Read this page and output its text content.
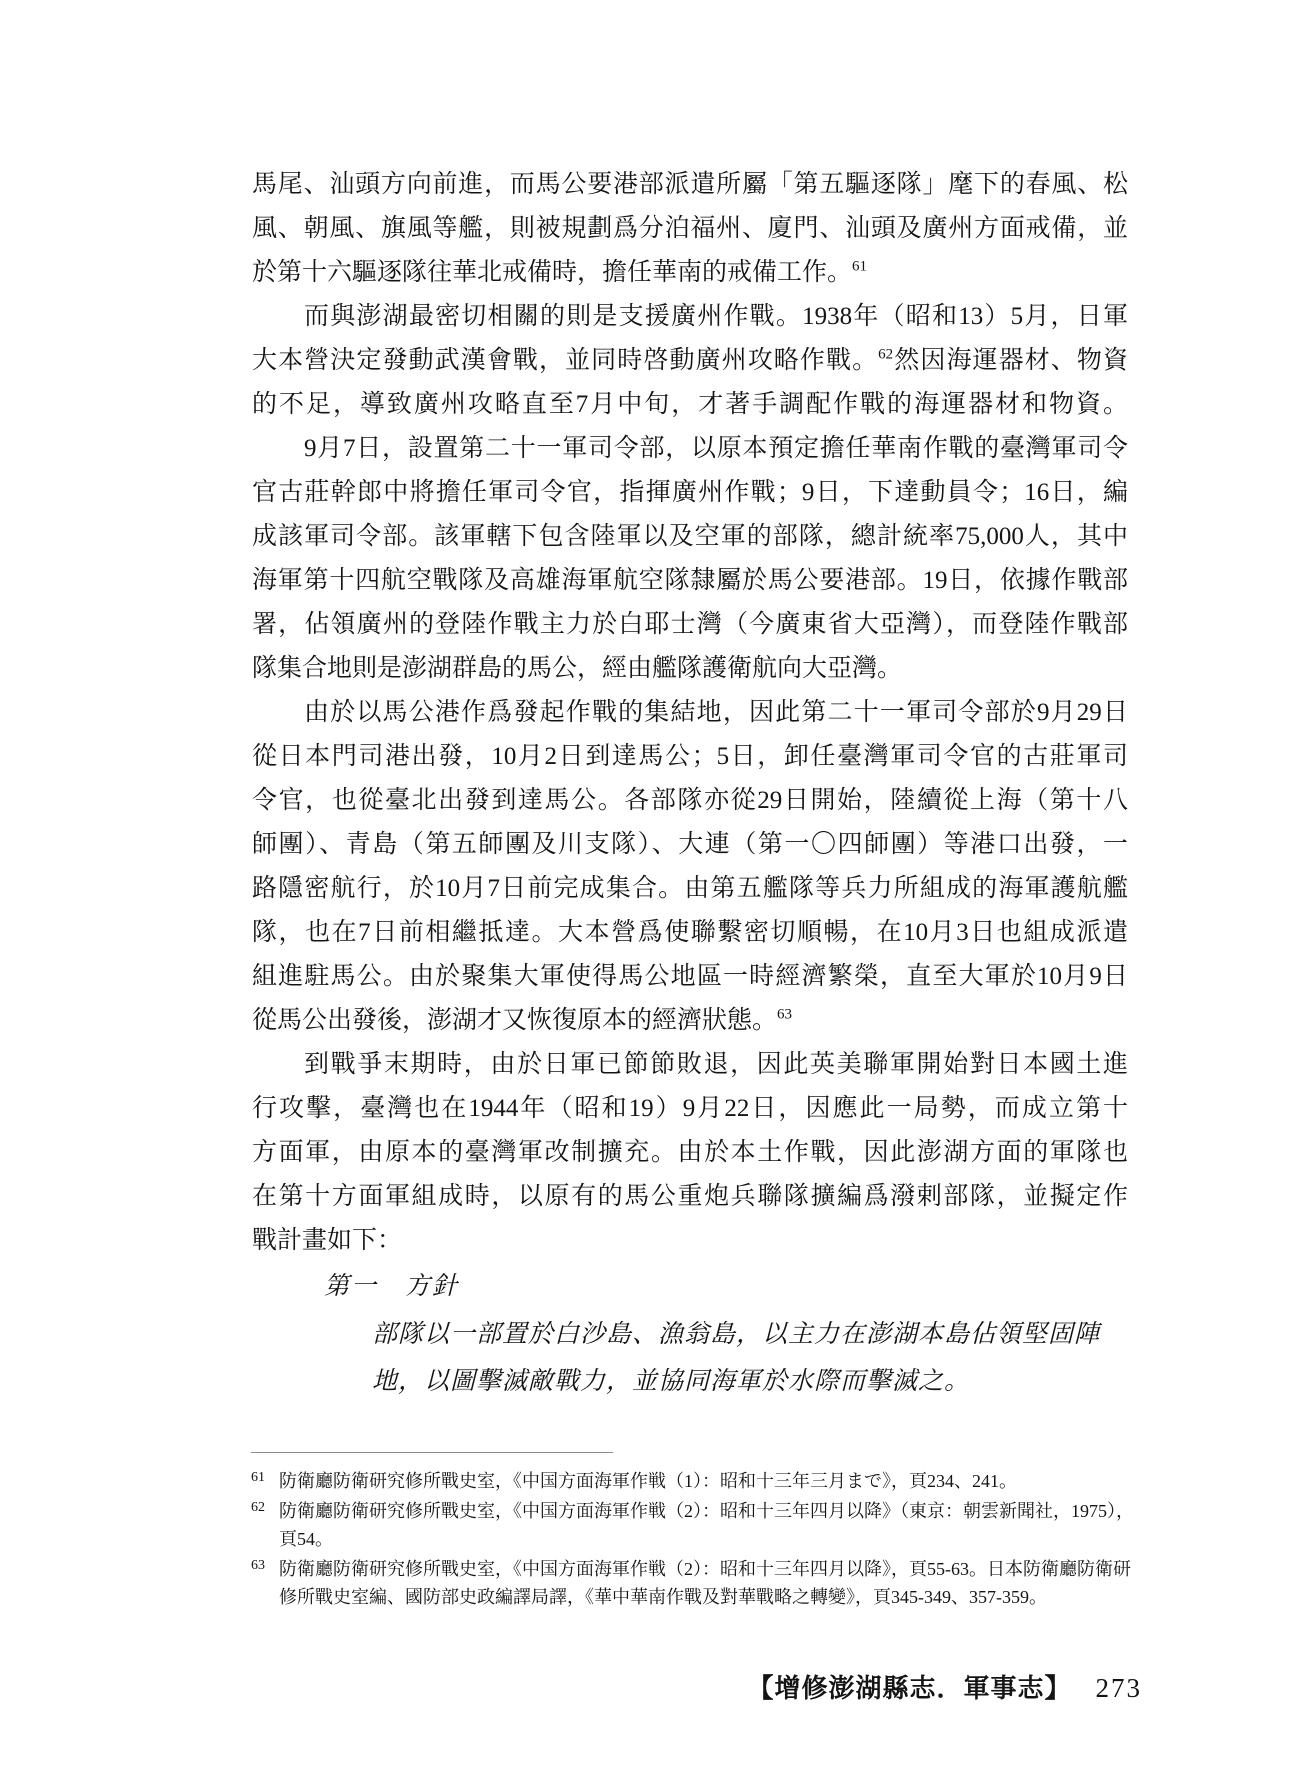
馬尾、汕頭方向前進，而馬公要港部派遣所屬「第五驅逐隊」麾下的春風、松
風、朝風、旗風等艦，則被規劃爲分泊福州、廈門、汕頭及廣州方面戒備，並
於第十六驅逐隊往華北戒備時，擔任華南的戒備工作。$^{61}$
而與澎湖最密切相關的則是支援廣州作戰。1938年（昭和13）5月，日軍
大本營決定發動武漢會戰，並同時啓動廣州攻略作戰。$^{62}$然因海運器材、物資
的不足，導致廣州攻略直至7月中旬，才著手調配作戰的海運器材和物資。
9月7日，設置第二十一軍司令部，以原本預定擔任華南作戰的臺灣軍司令
官古莊幹郎中將擔任軍司令官，指揮廣州作戰；9日，下達動員令；16日，編
成該軍司令部。該軍轄下包含陸軍以及空軍的部隊，總計統率75,000人，其中
海軍第十四航空戰隊及高雄海軍航空隊隸屬於馬公要港部。19日，依據作戰部
署，佔領廣州的登陸作戰主力於白耶士灣（今廣東省大亞灣），而登陸作戰部
隊集合地則是澎湖群島的馬公，經由艦隊護衛航向大亞灣。
由於以馬公港作爲發起作戰的集結地，因此第二十一軍司令部於9月29日
從日本門司港出發，10月2日到達馬公；5日，卸任臺灣軍司令官的古莊軍司
令官，也從臺北出發到達馬公。各部隊亦從29日開始，陸續從上海（第十八
師團）、青島（第五師團及川支隊）、大連（第一〇四師團）等港口出發，一
路隱密航行，於10月7日前完成集合。由第五艦隊等兵力所組成的海軍護航艦
隊，也在7日前相繼抵達。大本營爲使聯繫密切順暢，在10月3日也組成派遣
組進駐馬公。由於聚集大軍使得馬公地區一時經濟繁榮，直至大軍於10月9日
從馬公出發後，澎湖才又恢復原本的經濟狀態。$^{63}$
到戰爭末期時，由於日軍已節節敗退，因此英美聯軍開始對日本國土進
行攻擊，臺灣也在1944年（昭和19）9月22日，因應此一局勢，而成立第十
方面軍，由原本的臺灣軍改制擴充。由於本土作戰，因此澎湖方面的軍隊也
在第十方面軍組成時，以原有的馬公重炮兵聯隊擴編爲潑剌部隊，並擬定作
戰計畫如下：
第一　方針
部隊以一部置於白沙島、漁翁島，以主力在澎湖本島佔領堅固陣
地，以圖擊滅敵戰力，並協同海軍於水際而擊滅之。
61 防衛廳防衛研究修所戰史室，《中国方面海軍作戦（1）：昭和十三年三月まで》，頁234、241。
62 防衛廳防衛研究修所戰史室，《中国方面海軍作戦（2）：昭和十三年四月以降》（東京：朝雲新聞社，1975），
頁54。
63 防衛廳防衛研究修所戰史室，《中国方面海軍作戦（2）：昭和十三年四月以降》，頁55-63。日本防衛廳防衛研
修所戰史室編、國防部史政編譯局譯，《華中華南作戰及對華戰略之轉變》，頁345-349、357-359。
【增修澎湖縣志．軍事志】 273
